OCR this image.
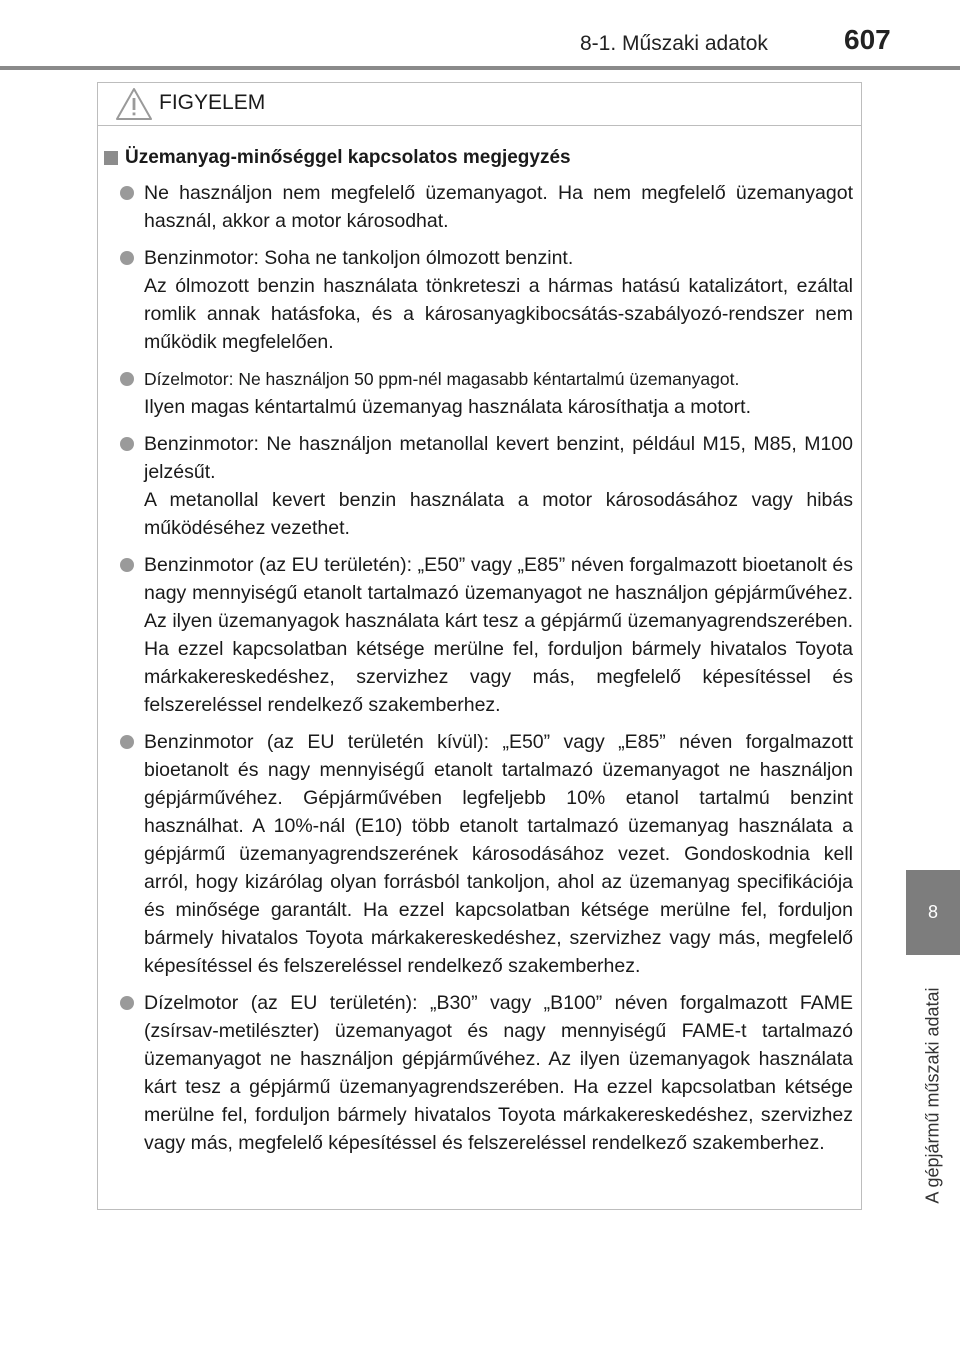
8-1. Műszaki adatok	607
8
A gépjármű műszaki adatai
FIGYELEM
Üzemanyag-minőséggel kapcsolatos megjegyzés

Ne használjon nem megfelelő üzemanyagot. Ha nem megfelelő üzemanyagot használ, akkor a motor károsodhat.

Benzinmotor: Soha ne tankoljon ólmozott benzint.

Az ólmozott benzin használata tönkreteszi a hármas hatású katalizátort, ezáltal romlik annak hatásfoka, és a károsanyagkibocsátás-szabályozó-rendszer nem működik megfelelően.

Dízelmotor: Ne használjon 50 ppm-nél magasabb kéntartalmú üzemanyagot.

Ilyen magas kéntartalmú üzemanyag használata károsíthatja a motort.

Benzinmotor: Ne használjon metanollal kevert benzint, például M15, M85, M100 jelzésűt.

A metanollal kevert benzin használata a motor károsodásához vagy hibás működéséhez vezethet.

Benzinmotor (az EU területén): „E50” vagy „E85” néven forgalmazott bioetanolt és nagy mennyiségű etanolt tartalmazó üzemanyagot ne használjon gépjárművéhez. Az ilyen üzemanyagok használata kárt tesz a gépjármű üzemanyagrendszerében. Ha ezzel kapcsolatban kétsége merülne fel, forduljon bármely hivatalos Toyota márkakereskedéshez, szervizhez vagy más, megfelelő képesítéssel és felszereléssel rendelkező szakemberhez.

Benzinmotor (az EU területén kívül): „E50” vagy „E85” néven forgalmazott bioetanolt és nagy mennyiségű etanolt tartalmazó üzemanyagot ne használjon gépjárművéhez. Gépjárművében legfeljebb 10% etanol tartalmú benzint használhat. A 10%-nál (E10) több etanolt tartalmazó üzemanyag használata a gépjármű üzemanyagrendszerének károsodásához vezet. Gondoskodnia kell arról, hogy kizárólag olyan forrásból tankoljon, ahol az üzemanyag specifikációja és minősége garantált. Ha ezzel kapcsolatban kétsége merülne fel, forduljon bármely hivatalos Toyota márkakereskedéshez, szervizhez vagy más, megfelelő képesítéssel és felszereléssel rendelkező szakemberhez.

Dízelmotor (az EU területén): „B30” vagy „B100” néven forgalmazott FAME (zsírsav-metilészter) üzemanyagot és nagy mennyiségű FAME-t tartalmazó üzemanyagot ne használjon gépjárművéhez. Az ilyen üzemanyagok használata kárt tesz a gépjármű üzemanyagrendszerében. Ha ezzel kapcsolatban kétsége merülne fel, forduljon bármely hivatalos Toyota márkakereskedéshez, szervizhez vagy más, megfelelő képesítéssel és felszereléssel rendelkező szakemberhez.
